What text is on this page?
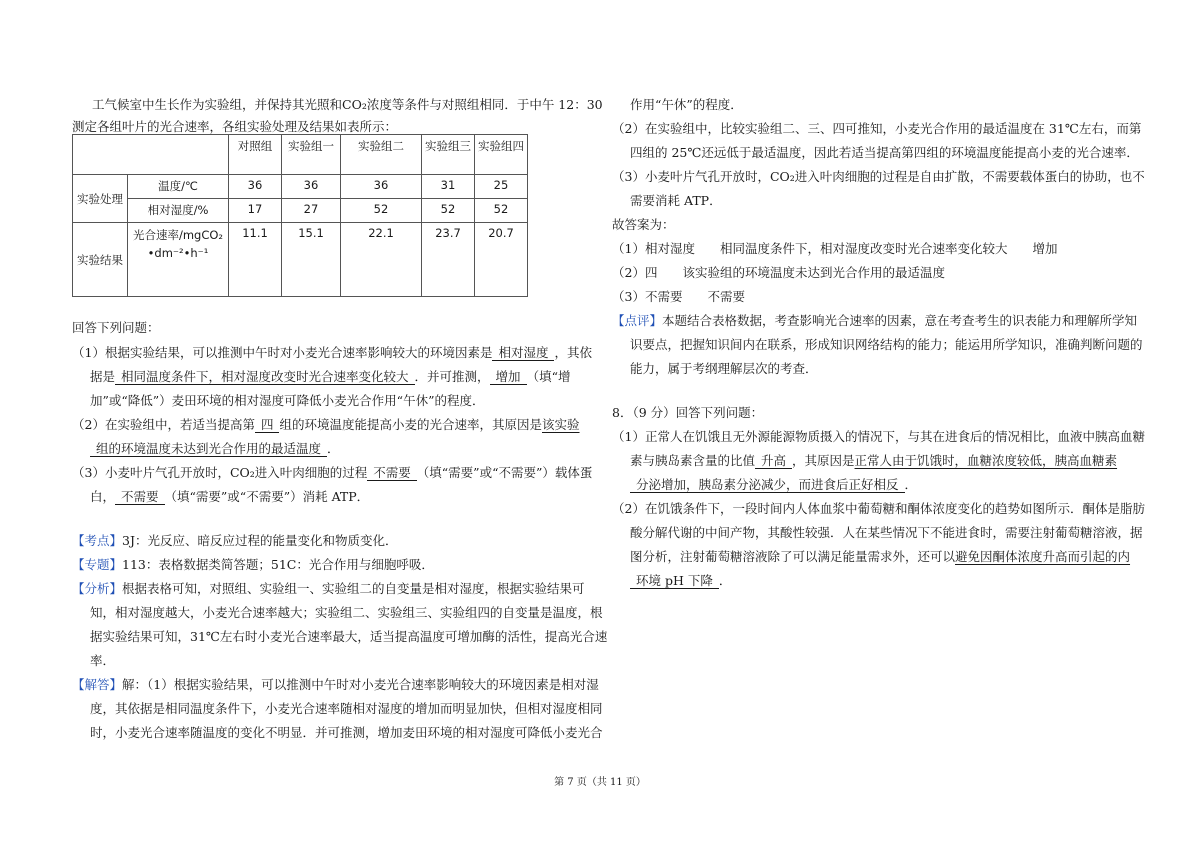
工气候室中生长作为实验组，并保持其光照和CO₂浓度等条件与对照组相同．于中午 12：30
测定各组叶片的光合速率，各组实验处理及结果如表所示：
		对照组	实验组一	实验组二	实验组三	实验组四
实验处理	温度/℃	36	36	36	31	25
	相对湿度/%	17	27	52	52	52
实验结果	光合速率/mgCO₂•dm⁻²•h⁻¹	11.1	15.1	22.1	23.7	20.7
回答下列问题：
（1）根据实验结果，可以推测中午时对小麦光合速率影响较大的环境因素是 相对湿度 ，其依
据是 相同温度条件下，相对湿度改变时光合速率变化较大 ．并可推测， 增加 （填“增
加”或“降低”）麦田环境的相对湿度可降低小麦光合作用“午休”的程度．
（2）在实验组中，若适当提高第 四 组的环境温度能提高小麦的光合速率，其原因是该实验
组的环境温度未达到光合作用的最适温度 ．
（3）小麦叶片气孔开放时，CO₂进入叶肉细胞的过程 不需要 （填“需要”或“不需要”）载体蛋
白， 不需要 （填“需要”或“不需要”）消耗 ATP．
【考点】3J：光反应、暗反应过程的能量变化和物质变化．
【专题】113：表格数据类简答题；51C：光合作用与细胞呼吸．
【分析】根据表格可知，对照组、实验组一、实验组二的自变量是相对湿度，根据实验结果可
知，相对湿度越大，小麦光合速率越大；实验组二、实验组三、实验组四的自变量是温度，根
据实验结果可知，31℃左右时小麦光合速率最大，适当提高温度可增加酶的活性，提高光合速
率．
【解答】解：（1）根据实验结果，可以推测中午时对小麦光合速率影响较大的环境因素是相对湿
度，其依据是相同温度条件下，小麦光合速率随相对湿度的增加而明显加快，但相对湿度相同
时，小麦光合速率随温度的变化不明显．并可推测，增加麦田环境的相对湿度可降低小麦光合
作用“午休”的程度．
（2）在实验组中，比较实验组二、三、四可推知，小麦光合作用的最适温度在 31℃左右，而第
四组的 25℃还远低于最适温度，因此若适当提高第四组的环境温度能提高小麦的光合速率．
（3）小麦叶片气孔开放时，CO₂进入叶肉细胞的过程是自由扩散，不需要载体蛋白的协助，也不
需要消耗 ATP．
故答案为：
（1）相对湿度　　相同温度条件下，相对湿度改变时光合速率变化较大　　增加
（2）四　　该实验组的环境温度未达到光合作用的最适温度
（3）不需要　　不需要
【点评】本题结合表格数据，考查影响光合速率的因素，意在考查考生的识表能力和理解所学知
识要点，把握知识间内在联系，形成知识网络结构的能力；能运用所学知识，准确判断问题的
能力，属于考纲理解层次的考查．
8．（9 分）回答下列问题：
（1）正常人在饥饿且无外源能源物质摄入的情况下，与其在进食后的情况相比，血液中胰高血糖
素与胰岛素含量的比值 升高 ，其原因是正常人由于饥饿时，血糖浓度较低，胰高血糖素
分泌增加，胰岛素分泌减少，而进食后正好相反 ．
（2）在饥饿条件下，一段时间内人体血浆中葡萄糖和酮体浓度变化的趋势如图所示．酮体是脂肪
酸分解代谢的中间产物，其酸性较强．人在某些情况下不能进食时，需要注射葡萄糖溶液，据
图分析，注射葡萄糖溶液除了可以满足能量需求外，还可以避免因酮体浓度升高而引起的内
环境 pH 下降 ．
第 7 页（共 11 页）
